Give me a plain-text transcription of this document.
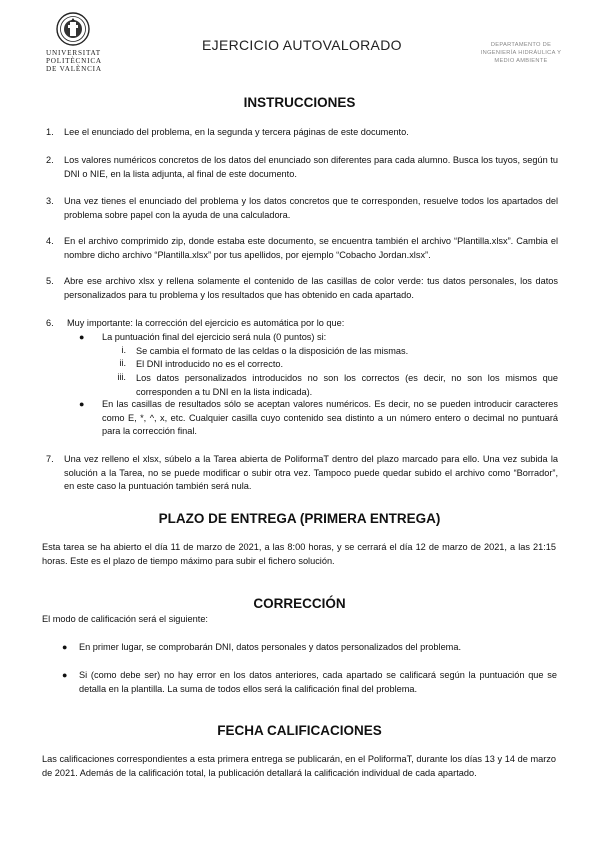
UNIVERSITAT
POLITÈCNICA
DE VALÈNCIA
EJERCICIO AUTOVALORADO	DEPARTAMENTO DE
INGENIERÍA HIDRÁULICA Y
MEDIO AMBIENTE
INSTRUCCIONES
1.	Lee el enunciado del problema, en la segunda y tercera páginas de este documento.
2.	Los valores numéricos concretos de los datos del enunciado son diferentes para cada alumno. Busca los tuyos, según tu DNI o NIE, en la lista adjunta, al final de este documento.
3.	Una vez tienes el enunciado del problema y los datos concretos que te corresponden, resuelve todos los apartados del problema sobre papel con la ayuda de una calculadora.
4.	En el archivo comprimido zip, donde estaba este documento, se encuentra también el archivo “Plantilla.xlsx”. Cambia el nombre dicho archivo “Plantilla.xlsx” por tus apellidos, por ejemplo “Cobacho Jordan.xlsx”.
5.	Abre ese archivo xlsx y rellena solamente el contenido de las casillas de color verde: tus datos personales, los datos personalizados para tu problema y los resultados que has obtenido en cada apartado.
6.	Muy importante: la corrección del ejercicio es automática por lo que:
● La puntuación final del ejercicio será nula (0 puntos) si:
i. Se cambia el formato de las celdas o la disposición de las mismas.
ii. El DNI introducido no es el correcto.
iii. Los datos personalizados introducidos no son los correctos (es decir, no son los mismos que corresponden a tu DNI en la lista indicada).
● En las casillas de resultados sólo se aceptan valores numéricos. Es decir, no se pueden introducir caracteres como E, *, ^, x, etc. Cualquier casilla cuyo contenido sea distinto a un número entero o decimal no puntuará para la corrección final.
7.	Una vez relleno el xlsx, súbelo a la Tarea abierta de PoliformaT dentro del plazo marcado para ello. Una vez subida la solución a la Tarea, no se puede modificar o subir otra vez. Tampoco puede quedar subido el archivo como “Borrador”, en este caso la puntuación también será nula.
PLAZO DE ENTREGA (PRIMERA ENTREGA)
Esta tarea se ha abierto el día 11 de marzo de 2021, a las 8:00 horas, y se cerrará el día 12 de marzo de 2021, a las 21:15 horas. Este es el plazo de tiempo máximo para subir el fichero solución.
CORRECCIÓN
El modo de calificación será el siguiente:
● En primer lugar, se comprobarán DNI, datos personales y datos personalizados del problema.
● Si (como debe ser) no hay error en los datos anteriores, cada apartado se calificará según la puntuación que se detalla en la plantilla. La suma de todos ellos será la calificación final del problema.
FECHA CALIFICACIONES
Las calificaciones correspondientes a esta primera entrega se publicarán, en el PoliformaT, durante los días 13 y 14 de marzo de 2021. Además de la calificación total, la publicación detallará la calificación individual de cada apartado.
